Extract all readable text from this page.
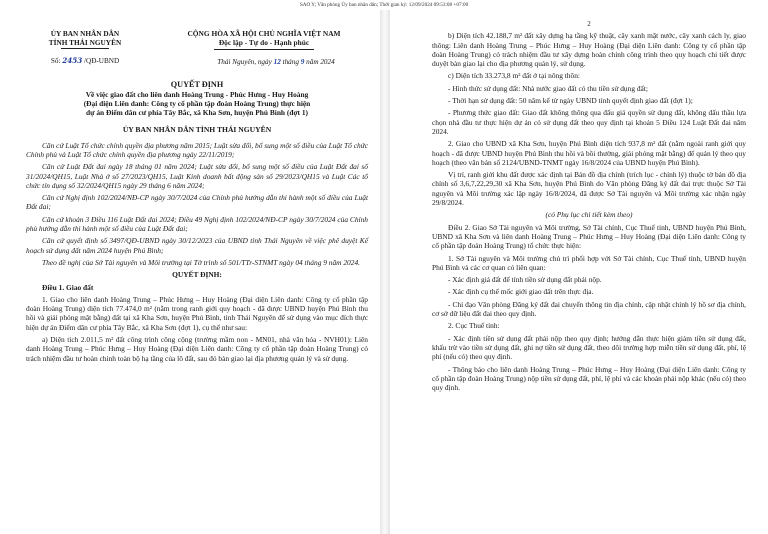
SAO Y; Văn phòng Ủy ban nhân dân; Thời gian ký: 12/09/2024 09:53:08 +07:00
ỦY BAN NHÂN DÂN
TỈNH THÁI NGUYÊN
Số: 2453 /QĐ-UBND
CỘNG HÒA XÃ HỘI CHỦ NGHĨA VIỆT NAM
Độc lập - Tự do - Hạnh phúc
Thái Nguyên, ngày 12 tháng 9 năm 2024
QUYẾT ĐỊNH
Về việc giao đất cho liên danh Hoàng Trung - Phúc Hưng - Huy Hoàng
(Đại diện Liên danh: Công ty cổ phần tập đoàn Hoàng Trung) thực hiện
dự án Điểm dân cư phía Tây Bắc, xã Kha Sơn, huyện Phú Bình (đợt 1)
ỦY BAN NHÂN DÂN TỈNH THÁI NGUYÊN

Căn cứ Luật Tổ chức chính quyền địa phương năm 2015; Luật sửa đổi, bổ sung một số điều của Luật Tổ chức Chính phủ và Luật Tổ chức chính quyền địa phương ngày 22/11/2019;

Căn cứ Luật Đất đai ngày 18 tháng 01 năm 2024; Luật sửa đổi, bổ sung một số điều của Luật Đất đai số 31/2024/QH15, Luật Nhà ở số 27/2023/QH15, Luật Kinh doanh bất động sản số 29/2023/QH15 và Luật Các tổ chức tín dụng số 32/2024/QH15 ngày 29 tháng 6 năm 2024;

Căn cứ Nghị định 102/2024/NĐ-CP ngày 30/7/2024 của Chính phủ hướng dẫn thi hành một số điều của Luật Đất đai;

Căn cứ khoản 3 Điều 116 Luật Đất đai 2024; Điều 49 Nghị định 102/2024/NĐ-CP ngày 30/7/2024 của Chính phủ hướng dẫn thi hành một số điều của Luật Đất đai;

Căn cứ quyết định số 3497/QĐ-UBND ngày 30/12/2023 của UBND tỉnh Thái Nguyên về việc phê duyệt Kế hoạch sử dụng đất năm 2024 huyện Phú Bình;

Theo đề nghị của Sở Tài nguyên và Môi trường tại Tờ trình số 501/TTr-STNMT ngày 04 tháng 9 năm 2024.

QUYẾT ĐỊNH:

Điều 1. Giao đất

1. Giao cho liên danh Hoàng Trung – Phúc Hưng – Huy Hoàng (Đại diện Liên danh: Công ty cổ phần tập đoàn Hoàng Trung) diện tích 77.474,0 m² (nằm trong ranh giới quy hoạch - đã được UBND huyện Phú Bình thu hồi và giải phóng mặt bằng) đất tại xã Kha Sơn, huyện Phú Bình, tỉnh Thái Nguyên để sử dụng vào mục đích thực hiện dự án Điểm dân cư phía Tây Bắc, xã Kha Sơn (đợt 1), cụ thể như sau:

a) Diện tích 2.011,5 m² đất công trình công cộng (trường mầm non - MN01, nhà văn hóa - NVH01): Liên danh Hoàng Trung – Phúc Hưng – Huy Hoàng (Đại diện Liên danh: Công ty cổ phần tập đoàn Hoàng Trung) có trách nhiệm đầu tư hoàn chỉnh toàn bộ hạ tầng của lô đất, sau đó bàn giao lại địa phương quản lý và sử dụng.

2

b) Diện tích 42.188,7 m² đất xây dựng hạ tầng kỹ thuật, cây xanh mặt nước, cây xanh cách ly, giao thông: Liên danh Hoàng Trung – Phúc Hưng – Huy Hoàng (Đại diện Liên danh: Công ty cổ phần tập đoàn Hoàng Trung) có trách nhiệm đầu tư xây dựng hoàn chỉnh công trình theo quy hoạch chi tiết được duyệt bàn giao lại cho địa phương quản lý, sử dụng.

c) Diện tích 33.273,8 m² đất ở tại nông thôn:

- Hình thức sử dụng đất: Nhà nước giao đất có thu tiền sử dụng đất;

- Thời hạn sử dụng đất: 50 năm kể từ ngày UBND tỉnh quyết định giao đất (đợt 1);

- Phương thức giao đất: Giao đất không thông qua đấu giá quyền sử dụng đất, không đấu thầu lựa chọn nhà đầu tư thực hiện dự án có sử dụng đất theo quy định tại khoản 5 Điều 124 Luật Đất đai năm 2024.

2. Giao cho UBND xã Kha Sơn, huyện Phú Bình diện tích 937,8 m² đất (nằm ngoài ranh giới quy hoạch - đã được UBND huyện Phú Bình thu hồi và bồi thường, giải phóng mặt bằng) để quản lý theo quy hoạch (theo văn bản số 2124/UBND-TNMT ngày 16/8/2024 của UBND huyện Phú Bình).

Vị trí, ranh giới khu đất được xác định tại Bản đồ địa chính (trích lục - chỉnh lý) thuộc tờ bản đồ địa chính số 3,6,7,22,29,30 xã Kha Sơn, huyện Phú Bình do Văn phòng Đăng ký đất đai trực thuộc Sở Tài nguyên và Môi trường xác lập ngày 16/8/2024, đã được Sở Tài nguyên và Môi trường xác nhận ngày 29/8/2024.

(có Phụ lục chi tiết kèm theo)

Điều 2. Giao Sở Tài nguyên và Môi trường, Sở Tài chính, Cục Thuế tỉnh, UBND huyện Phú Bình, UBND xã Kha Sơn và liên danh Hoàng Trung – Phúc Hưng – Huy Hoàng (Đại diện Liên danh: Công ty cổ phần tập đoàn Hoàng Trung) tổ chức thực hiện:

1. Sở Tài nguyên và Môi trường chủ trì phối hợp với Sở Tài chính, Cục Thuế tỉnh, UBND huyện Phú Bình và các cơ quan có liên quan:

- Xác định giá đất để tính tiền sử dụng đất phải nộp.

- Xác định cụ thể mốc giới giao đất trên thực địa.

- Chỉ đạo Văn phòng Đăng ký đất đai chuyển thông tin địa chính, cập nhật chỉnh lý hồ sơ địa chính, cơ sở dữ liệu đất đai theo quy định.

2. Cục Thuế tỉnh:

- Xác định tiền sử dụng đất phải nộp theo quy định; hướng dẫn thực hiện giảm tiền sử dụng đất, khấu trừ vào tiền sử dụng đất, ghi nợ tiền sử dụng đất, theo dõi trường hợp miễn tiền sử dụng đất, phí, lệ phí (nếu có) theo quy định.

- Thông báo cho liên danh Hoàng Trung – Phúc Hưng – Huy Hoàng (Đại diện Liên danh: Công ty cổ phần tập đoàn Hoàng Trung) nộp tiền sử dụng đất, phí, lệ phí và các khoản phải nộp khác (nếu có) theo quy định.
